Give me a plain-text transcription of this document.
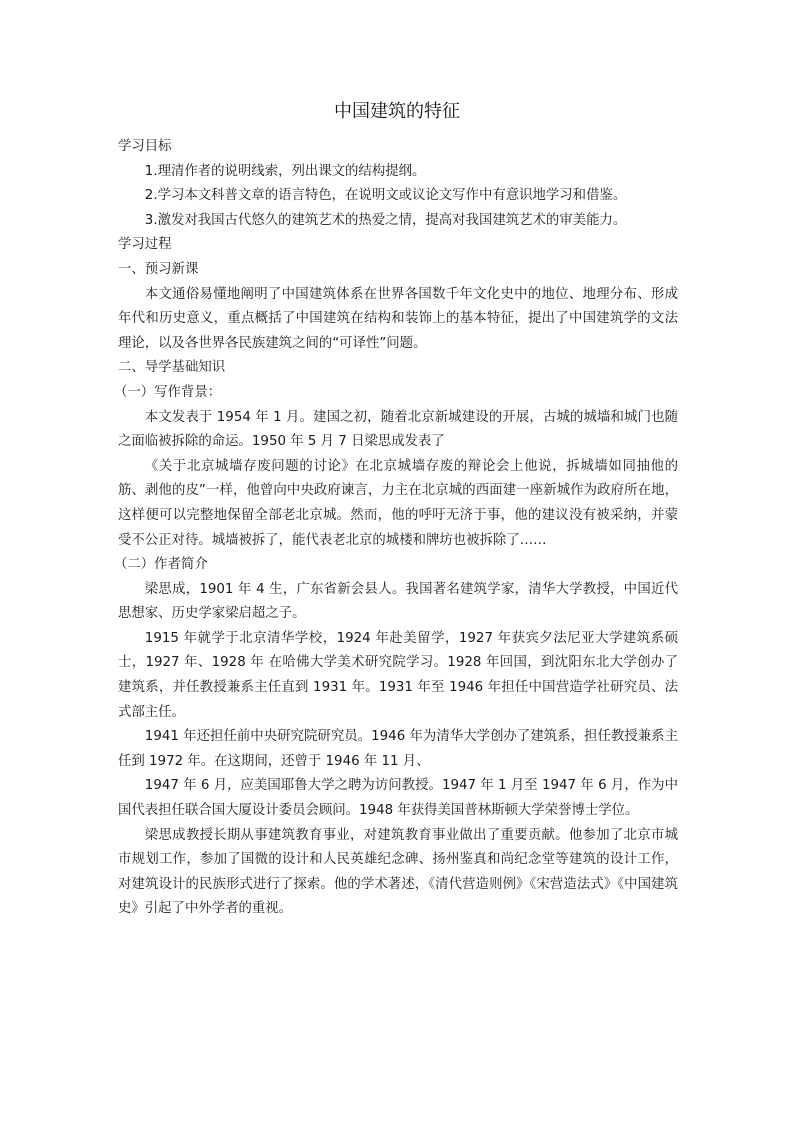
中国建筑的特征

学习目标

1.理清作者的说明线索，列出课文的结构提纲。

2.学习本文科普文章的语言特色，在说明文或议论文写作中有意识地学习和借鉴。

3.激发对我国古代悠久的建筑艺术的热爱之情，提高对我国建筑艺术的审美能力。

学习过程

一、预习新课

本文通俗易懂地阐明了中国建筑体系在世界各国数千年文化史中的地位、地理分布、形成年代和历史意义，重点概括了中国建筑在结构和装饰上的基本特征，提出了中国建筑学的文法理论，以及各世界各民族建筑之间的“可译性”问题。

二、导学基础知识

（一）写作背景：

本文发表于 1954 年 1 月。建国之初，随着北京新城建设的开展，古城的城墙和城门也随之面临被拆除的命运。1950 年 5 月 7 日梁思成发表了

《关于北京城墙存废问题的讨论》在北京城墙存废的辩论会上他说，拆城墙如同抽他的筋、剥他的皮”一样，他曾向中央政府谏言，力主在北京城的西面建一座新城作为政府所在地，这样便可以完整地保留全部老北京城。然而，他的呼吁无济于事，他的建议没有被采纳，并蒙受不公正对待。城墙被拆了，能代表老北京的城楼和牌坊也被拆除了……

（二）作者简介

梁思成，1901 年 4 生，广东省新会县人。我国著名建筑学家，清华大学教授，中国近代思想家、历史学家梁启超之子。

1915 年就学于北京清华学校，1924 年赴美留学，1927 年获宾夕法尼亚大学建筑系硕士，1927 年、1928 年 在哈佛大学美术研究院学习。1928 年回国，到沈阳东北大学创办了建筑系，并任教授兼系主任直到 1931 年。1931 年至 1946 年担任中国营造学社研究员、法式部主任。

1941 年还担任前中央研究院研究员。1946 年为清华大学创办了建筑系，担任教授兼系主任到 1972 年。在这期间，还曾于 1946 年 11 月、

1947 年 6 月，应美国耶鲁大学之聘为访问教授。1947 年 1 月至 1947 年 6 月，作为中国代表担任联合国大厦设计委员会顾问。1948 年获得美国普林斯顿大学荣誉博士学位。

梁思成教授长期从事建筑教育事业，对建筑教育事业做出了重要贡献。他参加了北京市城市规划工作，参加了国微的设计和人民英雄纪念碑、扬州鉴真和尚纪念堂等建筑的设计工作，对建筑设计的民族形式进行了探索。他的学术著述，《清代营造则例》《宋营造法式》《中国建筑史》引起了中外学者的重视。
